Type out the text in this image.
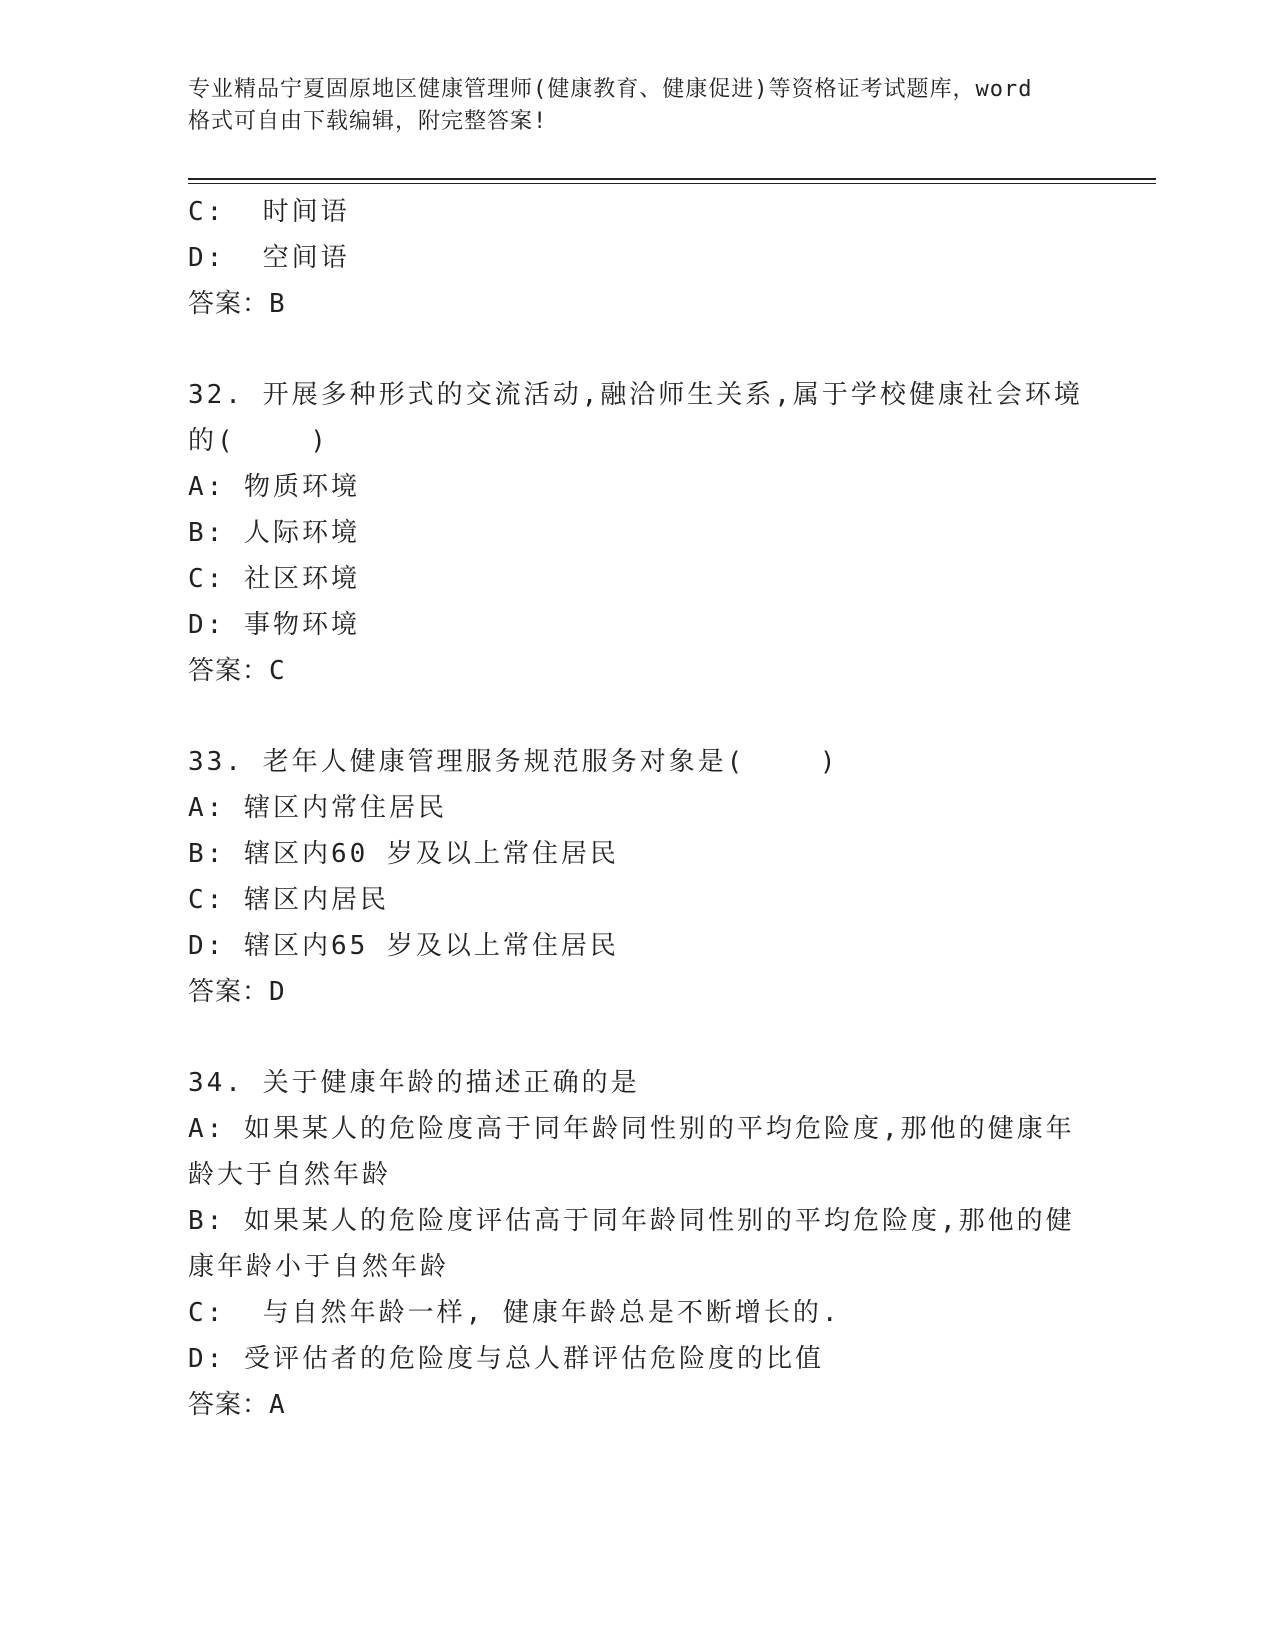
专业精品宁夏固原地区健康管理师(健康教育、健康促进)等资格证考试题库，word
格式可自由下载编辑，附完整答案!
C:  时间语
D:  空间语
答案：B
32. 开展多种形式的交流活动,融洽师生关系,属于学校健康社会环境
的(    )
A: 物质环境
B: 人际环境
C: 社区环境
D: 事物环境
答案：C
33. 老年人健康管理服务规范服务对象是(    )
A: 辖区内常住居民
B: 辖区内60 岁及以上常住居民
C: 辖区内居民
D: 辖区内65 岁及以上常住居民
答案：D
34. 关于健康年龄的描述正确的是
A: 如果某人的危险度高于同年龄同性别的平均危险度,那他的健康年
龄大于自然年龄
B: 如果某人的危险度评估高于同年龄同性别的平均危险度,那他的健
康年龄小于自然年龄
C:  与自然年龄一样, 健康年龄总是不断增长的.
D: 受评估者的危险度与总人群评估危险度的比值
答案：A
